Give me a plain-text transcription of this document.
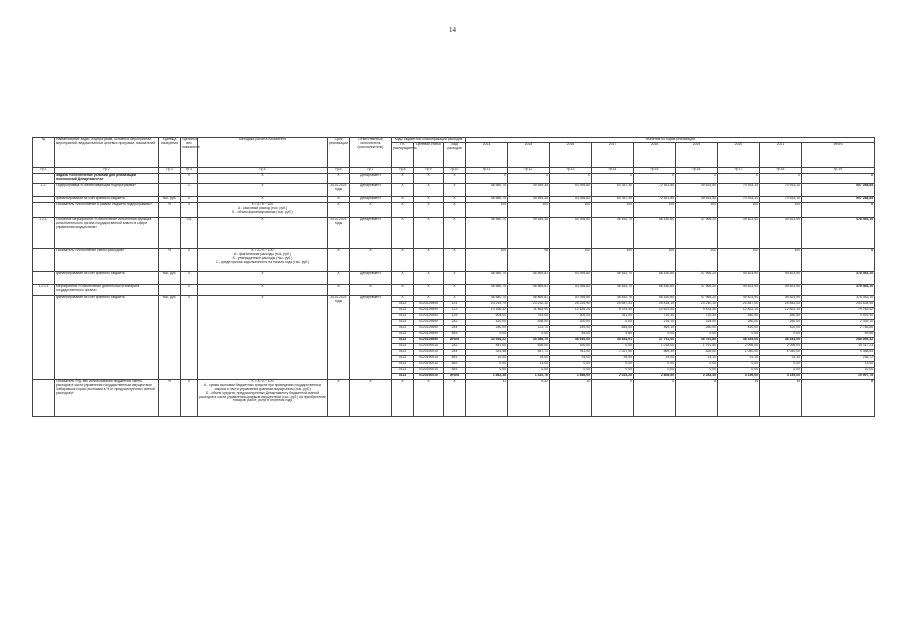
14
№	Наименование задач, подпрограмм, основных мероприятий, мероприятий, ведомственных целевых программ, показателей	Единица измерения	Удельный вес показателя	Методика расчета показателя	Срок реализации	Ответственный исполнитель (соисполнитель)	Коды бюджетной классификации расходов			Значения по годам реализации								
							Гл. распорядитель	Целевая статья	Вид расходов	2014	2015	2016	2017	2018	2019	2020	2021	Итого

гр.1	гр.2	гр.3	гр.4	гр.5	гр.6	гр.7	гр.8	гр.9	гр.10	гр.11	гр.12	гр.13	гр.14	гр.15	гр.16	гр.17	гр.18	гр.19
	Задача «Обеспечение условий для реализации полномочий Департамента»		X	X	X	Департамент	X	X	X	X	X	X	X	X	X	X	X	X
1.2.	Подпрограмма «Обеспечивающая подпрограмма»		1	X	2014-2021 годы	Департамент	X	X	X	48 580,70	49 649,35	53 395,80	63 357,30	72 811,80	49 614,50	70 933,10	70 933,10	507 288,85
	финансирование за счет краевого бюджета	тыс. руб.	X	X	X	Департамент	X	X	X	48 580,70	49 649,35	53 395,80	63 357,30	72 811,80	49 614,50	70 933,10	70 933,10	507 288,85
	Показатель «Исполнение в рамках бюджета подпрограммы»	%	X	k = A / Б * 100
А - кассовый расход (тыс. руб.)
Б - объем финансирования (тыс. руб.)	X	X	X	X	X	100	100	100	100	100	100	100	100	X
1.2.1.	Основное мероприятие «Обеспечение исполнения функций исполнительного органа государственной власти в сфере управления имуществом»		0,6	X	2014-2021 годы	Департамент	X	X	X	48 580,70	49 649,35	53 395,80	46 452,70	58 430,80	47 965,20	49 823,90	49 823,90	478 463,10
	Показатель «Исполнение сметы расходов»	%	X	К = А / Б * 100
А - фактические расходы (тыс. руб.)
Б - утвержденные расходы (тыс. руб.)
С - кредиторская задолженность на начало года (тыс. руб.)	X	X	X	X	X	100	98	100	100	100	100	100	100	X
	финансирование за счет краевого бюджета	тыс. руб.	X	X	X	Департамент	X	X	X	48 580,70	46 869,81	53 395,80	46 452,70	58 430,80	47 965,20	49 823,90	49 823,90	378 463,10
1.2.1.1	Мероприятие «Обеспечение деятельности аппарата государственного органа»		X	X	X	X	X	X	X	48 580,70	46 869,81	53 395,80	46 452,70	58 430,80	47 965,20	49 823,90	49 823,90	378 463,10
	финансирование за счет краевого бюджета	тыс. руб.	X	X	2014-2021 годы	Департамент	X	X	X	48 580,70	46 869,81	53 395,80	46 452,70	58 430,80	47 965,20	49 823,90	49 823,90	378 463,10
							0113	0120129690	121	23 215,70	23 232,10	25 229,90	25 647,41	25 418,10	23 240,10	24 847,00	24 842,00	204 634,40
							0113	0120129690	122	10 166,32	11 662,90	12 639,20	9 375,40	10 623,00	9 433,40	12 822,10	12 822,10	79 763,52
							0113	0120129690	129	604,00	763,00	509,00	311,00	720,30	720,30	480,50	480,50	4 591,90
							0113	0120129690	242	420,00	538,00	320,00	0,00	276,10	225,00	280,00	280,00	2 339,10
							0113	0120129690	244	250,00	123,70	149,00	655,00	469,10	280,00	420,00	420,00	2 766,80
							0113	0120129690	853	0,00	0,00	45,00	4,80	0,00	0,00	0,00	0,00	49,80
							0113	0120129690	итого	34 916,22	35 466,70	38 939,00	35 834,91	37 751,00	35 751,80	38 444,00	38 444,00	288 955,42
							0113	0120190010	242	841,00	636,00	920,00	0,00	1 018,00	1 791,50	2 095,00	2 095,00	10 117,23
							0113	0120190010	244	331,48	647,71	911,00	7 027,50	869,39	826,00	1 040,00	1 040,00	9 488,53
							0113	0120190010	851	10,00	25,00	24,00	26,00	24,00	23,10	31,10	31,10	236,72
							0113	0120190010	852	0,00	13,00	0,00	0,00	0,00	0,00	0,00	0,00	13,00
							0113	0120190010	853	0,00	0,00	0,00	0,00	0,00	0,00	0,00	0,00	10,00
							0113	0120190010	итого	1 662,48	1 322,76	1 858,00	2 023,20	2 808,50	2 283,40	3 159,00	3 159,00	19 907,78
	Показатель «Уд. вес использования бюджетной сметы расходов в части управления государственным имуществом Хабаровского края (экономия в % от предусмотренных сметой расходов)»	%	X	K = A / Б * 100
А - сумма экономии бюджетных средств при проведении государственных закупок в части управления краевым имуществом (тыс. руб.)
Б - объем средств, предусмотренных Департаменту бюджетной сметой расходов в части управления краевым имуществом (тыс. руб.) на приобретение товаров, работ, услуг в отчетном году	X	X	X	X	X	11	5,32	10	0	0	8	15	15	X
